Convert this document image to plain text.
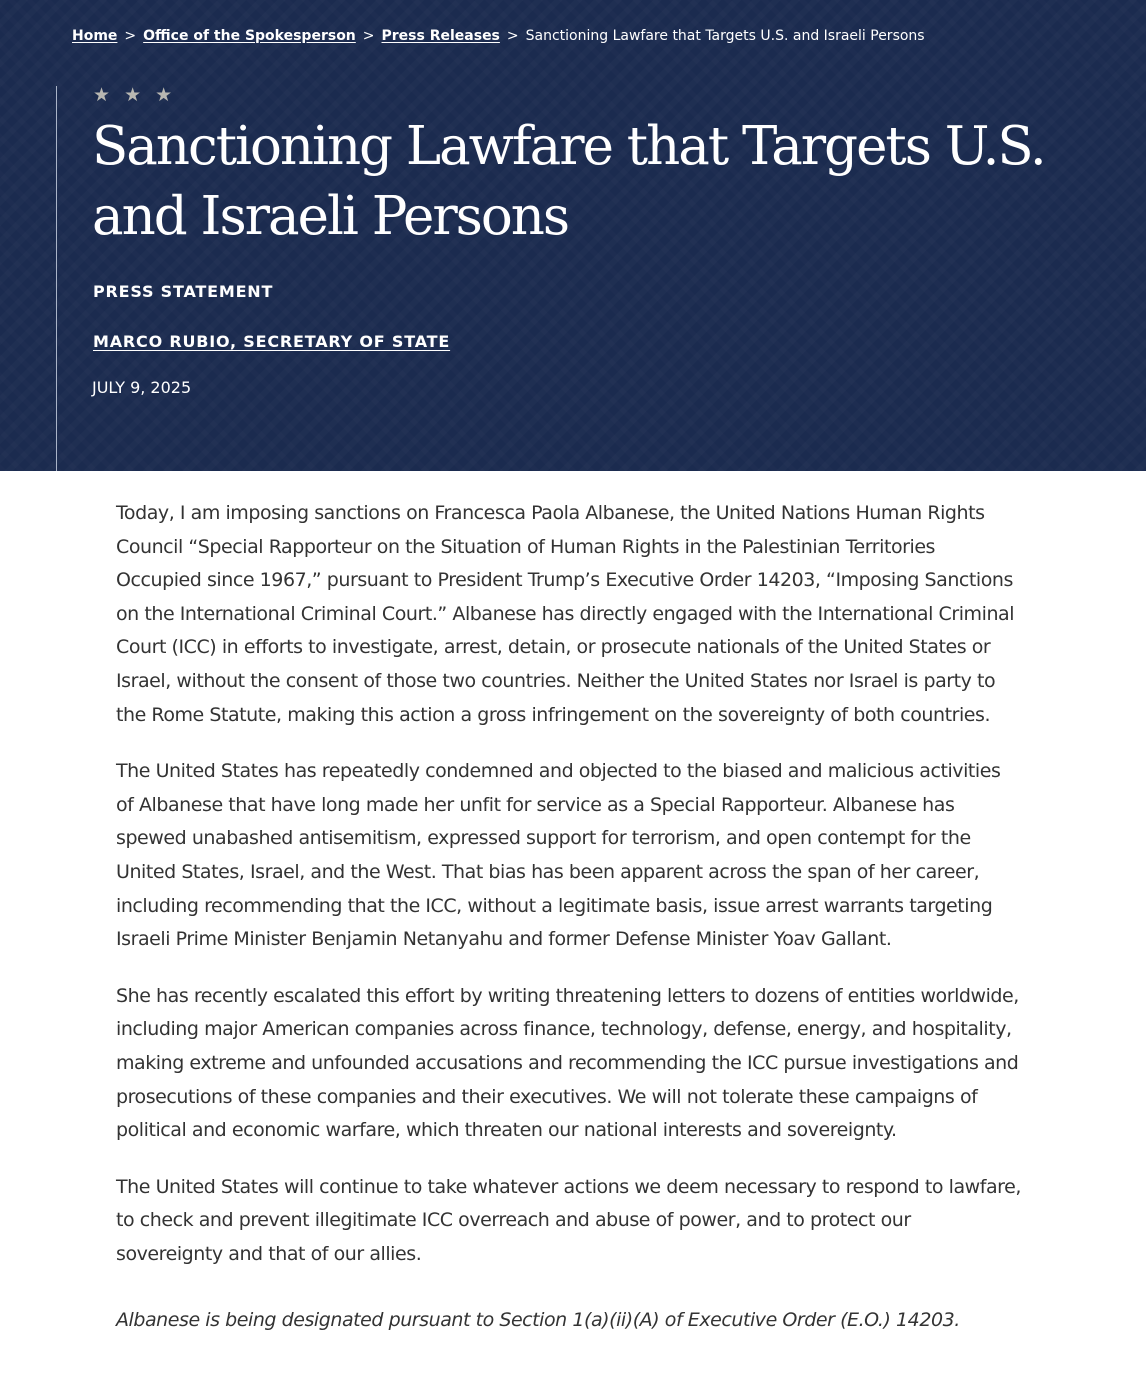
Home > Office of the Spokesperson > Press Releases > Sanctioning Lawfare that Targets U.S. and Israeli Persons
★ ★ ★
Sanctioning Lawfare that Targets U.S. and Israeli Persons
PRESS STATEMENT
MARCO RUBIO, SECRETARY OF STATE
JULY 9, 2025

Today, I am imposing sanctions on Francesca Paola Albanese, the United Nations Human Rights Council “Special Rapporteur on the Situation of Human Rights in the Palestinian Territories Occupied since 1967,” pursuant to President Trump’s Executive Order 14203, “Imposing Sanctions on the International Criminal Court.” Albanese has directly engaged with the International Criminal Court (ICC) in efforts to investigate, arrest, detain, or prosecute nationals of the United States or Israel, without the consent of those two countries. Neither the United States nor Israel is party to the Rome Statute, making this action a gross infringement on the sovereignty of both countries.

The United States has repeatedly condemned and objected to the biased and malicious activities of Albanese that have long made her unfit for service as a Special Rapporteur. Albanese has spewed unabashed antisemitism, expressed support for terrorism, and open contempt for the United States, Israel, and the West. That bias has been apparent across the span of her career, including recommending that the ICC, without a legitimate basis, issue arrest warrants targeting Israeli Prime Minister Benjamin Netanyahu and former Defense Minister Yoav Gallant.

She has recently escalated this effort by writing threatening letters to dozens of entities worldwide, including major American companies across finance, technology, defense, energy, and hospitality, making extreme and unfounded accusations and recommending the ICC pursue investigations and prosecutions of these companies and their executives. We will not tolerate these campaigns of political and economic warfare, which threaten our national interests and sovereignty.

The United States will continue to take whatever actions we deem necessary to respond to lawfare, to check and prevent illegitimate ICC overreach and abuse of power, and to protect our sovereignty and that of our allies.

Albanese is being designated pursuant to Section 1(a)(ii)(A) of Executive Order (E.O.) 14203.
